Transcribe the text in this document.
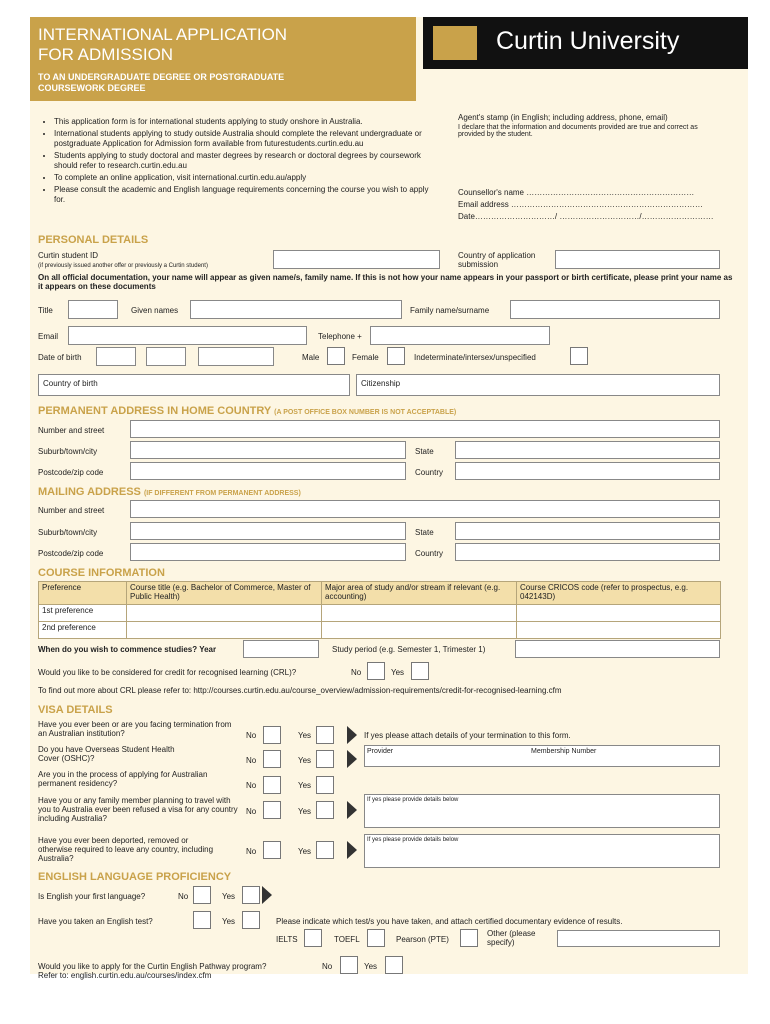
INTERNATIONAL APPLICATION
FOR ADMISSION
TO AN UNDERGRADUATE DEGREE OR POSTGRADUATE
COURSEWORK DEGREE
Curtin University
• This application form is for international students applying to study onshore in Australia.
• International students applying to study outside Australia should complete the relevant undergraduate or postgraduate Application for Admission form available from futurestudents.curtin.edu.au
• Students applying to study doctoral and master degrees by research or doctoral degrees by coursework should refer to research.curtin.edu.au
• To complete an online application, visit international.curtin.edu.au/apply
• Please consult the academic and English language requirements concerning the course you wish to apply for.
Agent's stamp (in English; including address, phone, email)
I declare that the information and documents provided are true and correct as provided by the student.
Counsellor's name ………………………………………………………
Email address ………………………………………………………………
Date…………………………/ …………………………/………………………
PERSONAL DETAILS
Curtin student ID
(if previously issued another offer or previously a Curtin student)
Country of application submission
On all official documentation, your name will appear as given name/s, family name. If this is not how your name appears in your passport or birth certificate, please print your name as it appears on these documents
Title	Given names	Family name/surname
Email	Telephone +
Date of birth	Male	Female	Indeterminate/intersex/unspecified
Country of birth	Citizenship
PERMANENT ADDRESS IN HOME COUNTRY (A POST OFFICE BOX NUMBER IS NOT ACCEPTABLE)
Number and street
Suburb/town/city	State
Postcode/zip code	Country
MAILING ADDRESS (IF DIFFERENT FROM PERMANENT ADDRESS)
Number and street
Suburb/town/city	State
Postcode/zip code	Country
COURSE INFORMATION
Preference	Course title (e.g. Bachelor of Commerce, Master of Public Health)	Major area of study and/or stream if relevant (e.g. accounting)	Course CRICOS code (refer to prospectus, e.g. 042143D)
1st preference			
2nd preference			
When do you wish to commence studies? Year	Study period (e.g. Semester 1, Trimester 1)
Would you like to be considered for credit for recognised learning (CRL)?	No	Yes
To find out more about CRL please refer to: http://courses.curtin.edu.au/course_overview/admission-requirements/credit-for-recognised-learning.cfm
VISA DETAILS
Have you ever been or are you facing termination from an Australian institution?	No	Yes	If yes please attach details of your termination to this form.
Do you have Overseas Student Health Cover (OSHC)?	No	Yes
Provider	Membership Number
Are you in the process of applying for Australian permanent residency?	No	Yes
Have you or any family member planning to travel with you to Australia ever been refused a visa for any country including Australia?
No	Yes
If yes please provide details below
Have you ever been deported, removed or otherwise required to leave any country, including Australia?
No	Yes
If yes please provide details below
ENGLISH LANGUAGE PROFICIENCY
Is English your first language?	No	Yes
Have you taken an English test?	Yes	Please indicate which test/s you have taken, and attach certified documentary evidence of results.
IELTS	TOEFL	Pearson (PTE)
Other (please specify)
Would you like to apply for the Curtin English Pathway program?	No	Yes
Refer to: english.curtin.edu.au/courses/index.cfm
